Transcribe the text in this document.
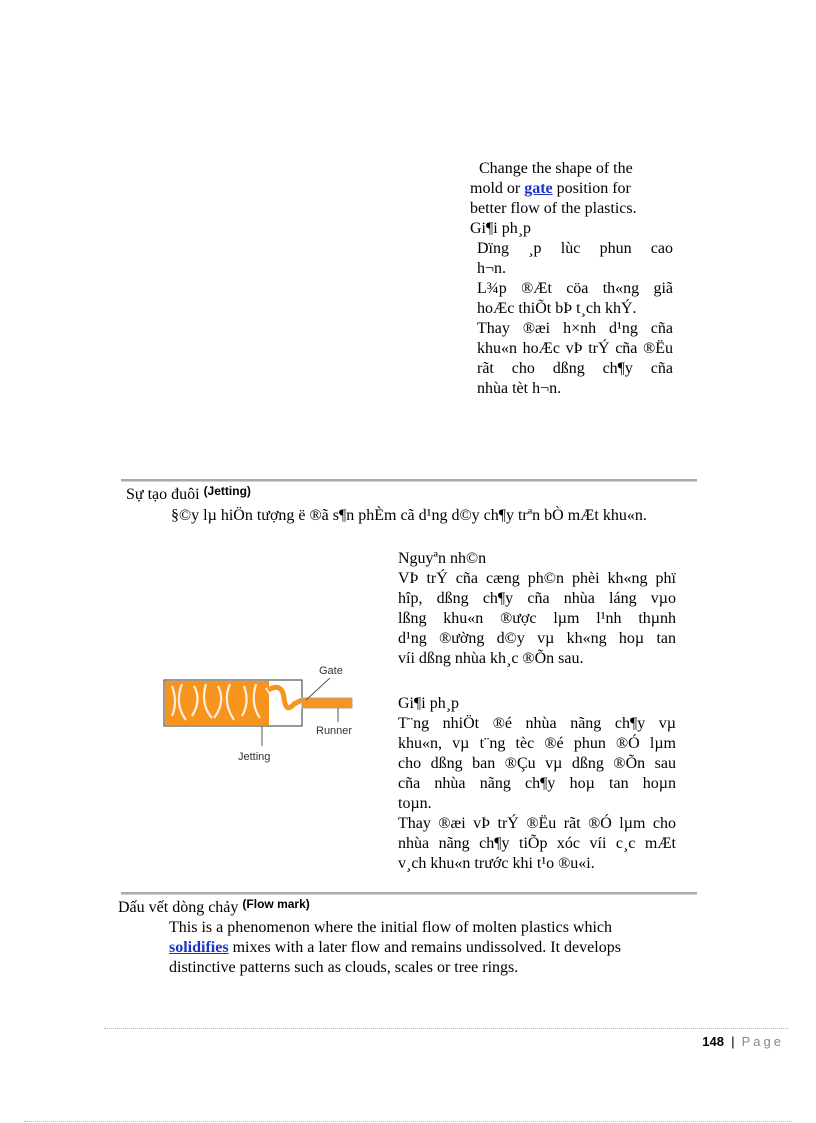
Change the shape of the
mold or gate position for
better flow of the plastics.
Gi¶i ph¸p
Dïng ¸p lùc phun cao
h¬n.
L¾p ®Æt cöa th«ng giã
hoÆc thiÕt bÞ t¸ch khÝ.
Thay ®æi h×nh d¹ng cña
khu«n hoÆc vÞ trÝ cña ®Ëu
rãt cho dßng ch¶y cña
nhùa tèt h¬n.
Sự tạo đuôi $^{(Jetting)}$
§©y lµ hiÖn tượng ë ®ã s¶n phÈm cã d¹ng d©y ch¶y trªn bÒ mÆt khu«n.
Nguyªn nh©n
VÞ trÝ cña cæng ph©n phèi kh«ng phï
hîp, dßng ch¶y cña nhùa láng vµo
lßng khu«n ®ược lµm l¹nh thµnh
d¹ng ®ường d©y vµ kh«ng hoµ tan
víi dßng nhùa kh¸c ®Õn sau.
Gi¶i ph¸p
T¨ng nhiÖt ®é nhùa nãng ch¶y vµ
khu«n, vµ t¨ng tèc ®é phun ®Ó lµm
cho dßng ban ®Çu vµ dßng ®Õn sau
cña nhùa nãng ch¶y hoµ tan hoµn
toµn.
Thay ®æi vÞ trÝ ®Ëu rãt ®Ó lµm cho
nhùa nãng ch¶y tiÕp xóc víi c¸c mÆt
v¸ch khu«n trước khi t¹o ®u«i.
Gate
Runner
Jetting
Dấu vết dòng chảy $^{(Flow mark)}$
This is a phenomenon where the initial flow of molten plastics which
solidifies mixes with a later flow and remains undissolved. It develops
distinctive patterns such as clouds, scales or tree rings.
148 | Page
